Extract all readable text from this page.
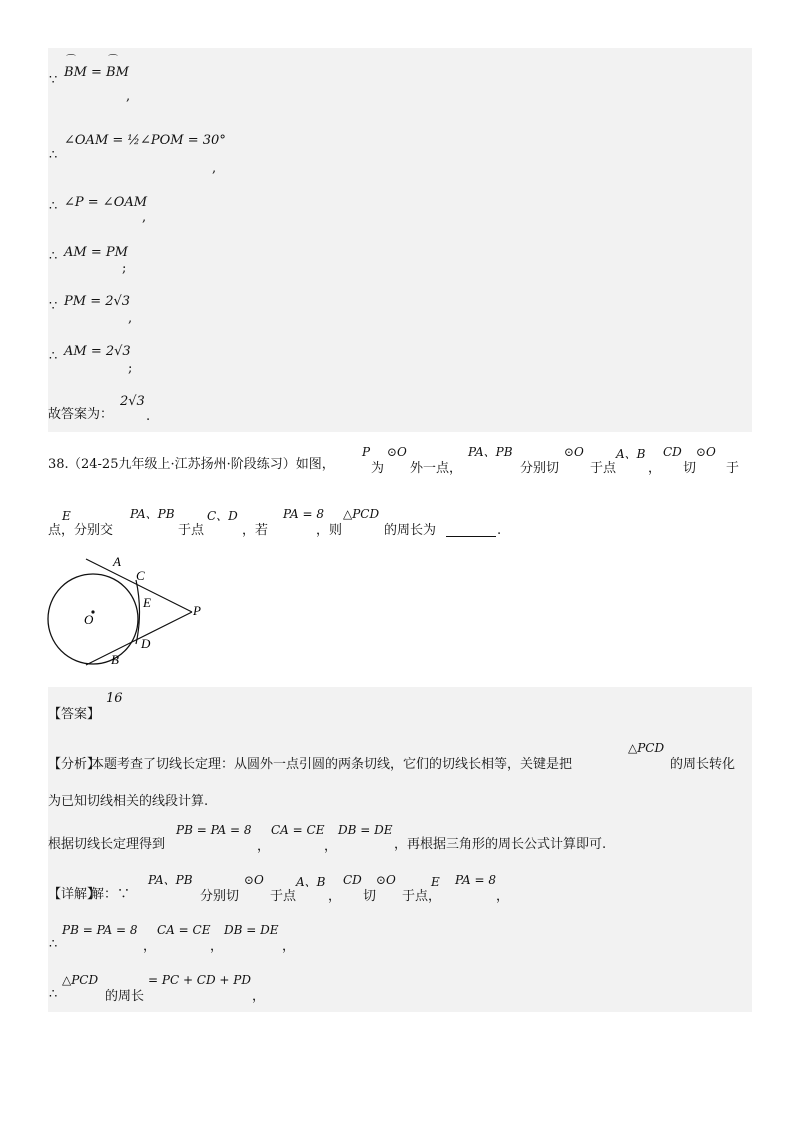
∵
B
⌒
M = B
⌒
M
,
∴
∠OAM = ½∠POM = 30°
,
∴ ∠P = ∠OAM
,
∴ AM = PM
;
∵ PM = 2√3
,
∴ AM = 2√3
;
故答案为：
2√3
.
P ⊙O	PA、PB	⊙O	A、B CD ⊙O
38. （24-25九年级上·江苏扬州·阶段练习）如图，	为 外一点，	分别切 于点 ， 切 于
E	PA、PB	C、D	PA = 8 △PCD
点，分别交	于点	，若	，则	的周长为	.
A
C
E
O
P
D
B
【答案】
16
△PCD
【分析】
本题考查了切线长定理：从圆外一点引圆的两条切线，它们的切线长相等，关键是把	的周长转化
为已知切线相关的线段计算.
PB = PA = 8 CA = CE DB = DE
根据切线长定理得到	，	，	，再根据三角形的周长公式计算即可.
PA、PB	⊙O	A、B CD ⊙O	E PA = 8
【详解】
解：∵	分别切 于点 ， 切 于点，	，
PB = PA = 8 CA = CE DB = DE
∴	，	，	，
△PCD	= PC + CD + PD
∴	的周长	，
